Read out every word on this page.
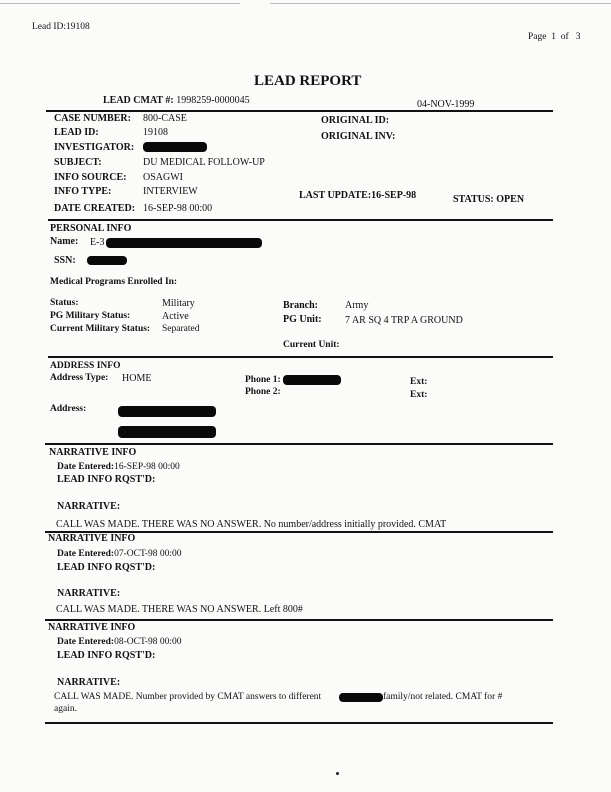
Lead ID:19108
Page 1 of 3
LEAD REPORT
LEAD CMAT #: 1998259-0000045	04-NOV-1999
CASE NUMBER: 800-CASE
LEAD ID:	19108
INVESTIGATOR:
SUBJECT:	DU MEDICAL FOLLOW-UP
INFO SOURCE: OSAGWI
INFO TYPE:	INTERVIEW
DATE CREATED: 16-SEP-98 00:00
ORIGINAL ID:
ORIGINAL INV:
LAST UPDATE:16-SEP-98	STATUS: OPEN
PERSONAL INFO
Name: E-3
SSN:
Medical Programs Enrolled In:
Status:	Military
PG Military Status:	Active
Current Military Status: Separated
Branch:	Army
PG Unit: 7 AR SQ 4 TRP A GROUND
Current Unit:
ADDRESS INFO
Address Type: HOME	Phone 1:
Phone 2:
Ext:
Ext:
Address:
NARRATIVE INFO
Date Entered:16-SEP-98 00:00
LEAD INFO RQST'D:
NARRATIVE:
CALL WAS MADE. THERE WAS NO ANSWER. No number/address initially provided. CMAT
NARRATIVE INFO
Date Entered:07-OCT-98 00:00
LEAD INFO RQST'D:
NARRATIVE:
CALL WAS MADE. THERE WAS NO ANSWER. Left 800#
NARRATIVE INFO
Date Entered:08-OCT-98 00:00
LEAD INFO RQST'D:
NARRATIVE:
CALL WAS MADE. Number provided by CMAT answers to different	family/not related. CMAT for #
again.
